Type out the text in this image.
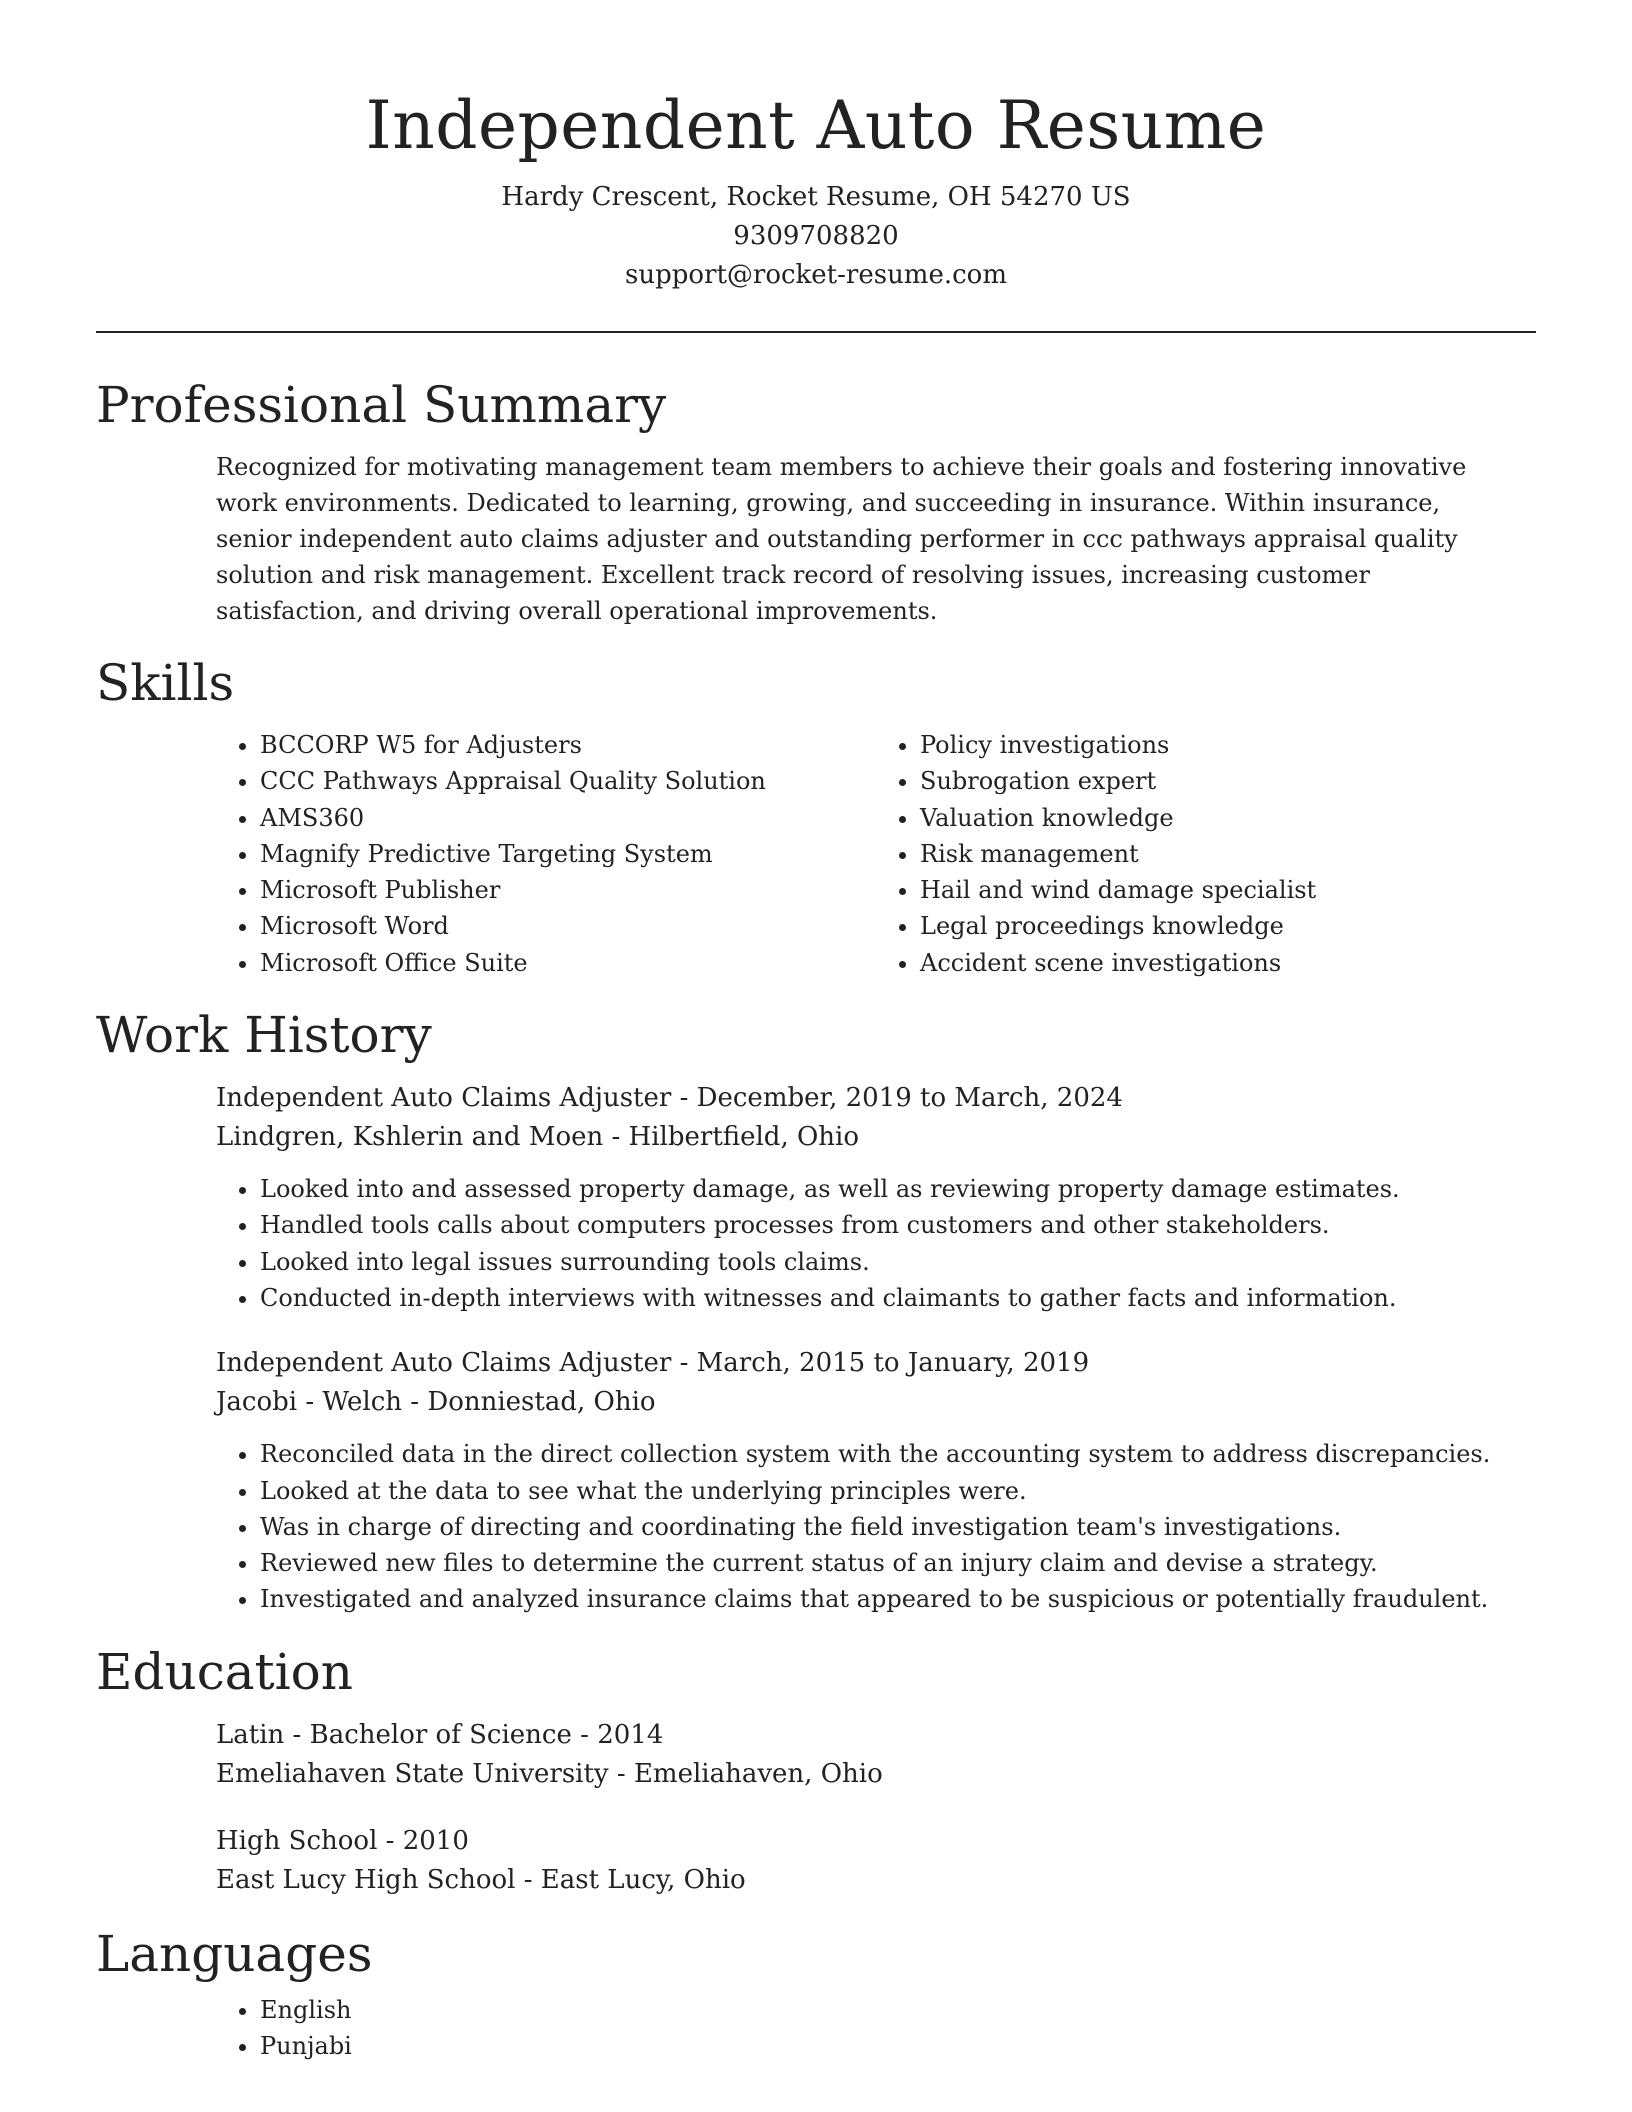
Independent Auto Resume
Hardy Crescent, Rocket Resume, OH 54270 US
9309708820
support@rocket-resume.com
Professional Summary
Recognized for motivating management team members to achieve their goals and fostering innovative work environments. Dedicated to learning, growing, and succeeding in insurance. Within insurance, senior independent auto claims adjuster and outstanding performer in ccc pathways appraisal quality solution and risk management. Excellent track record of resolving issues, increasing customer satisfaction, and driving overall operational improvements.
Skills
• BCCORP W5 for Adjusters
• CCC Pathways Appraisal Quality Solution
• AMS360
• Magnify Predictive Targeting System
• Microsoft Publisher
• Microsoft Word
• Microsoft Office Suite
• Policy investigations
• Subrogation expert
• Valuation knowledge
• Risk management
• Hail and wind damage specialist
• Legal proceedings knowledge
• Accident scene investigations
Work History
Independent Auto Claims Adjuster - December, 2019 to March, 2024
Lindgren, Kshlerin and Moen - Hilbertfield, Ohio
• Looked into and assessed property damage, as well as reviewing property damage estimates.
• Handled tools calls about computers processes from customers and other stakeholders.
• Looked into legal issues surrounding tools claims.
• Conducted in-depth interviews with witnesses and claimants to gather facts and information.
Independent Auto Claims Adjuster - March, 2015 to January, 2019
Jacobi - Welch - Donniestad, Ohio
• Reconciled data in the direct collection system with the accounting system to address discrepancies.
• Looked at the data to see what the underlying principles were.
• Was in charge of directing and coordinating the field investigation team's investigations.
• Reviewed new files to determine the current status of an injury claim and devise a strategy.
• Investigated and analyzed insurance claims that appeared to be suspicious or potentially fraudulent.
Education
Latin - Bachelor of Science - 2014
Emeliahaven State University - Emeliahaven, Ohio
High School - 2010
East Lucy High School - East Lucy, Ohio
Languages
• English
• Punjabi
